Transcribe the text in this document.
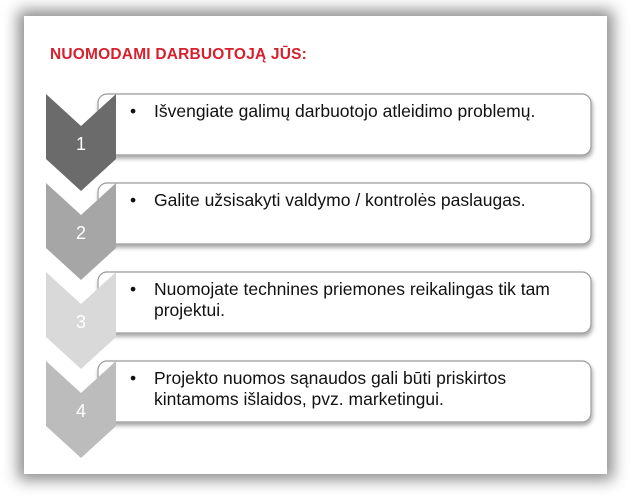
NUOMODAMI DARBUOTOJĄ JŪS:
1
2
3
4
•	Išvengiate galimų darbuotojo atleidimo problemų.
•	Galite užsisakyti valdymo / kontrolės paslaugas.
•	Nuomojate technines priemones reikalingas tik tam projektui.
•	Projekto nuomos sąnaudos gali būti priskirtos kintamoms išlaidos, pvz. marketingui.
